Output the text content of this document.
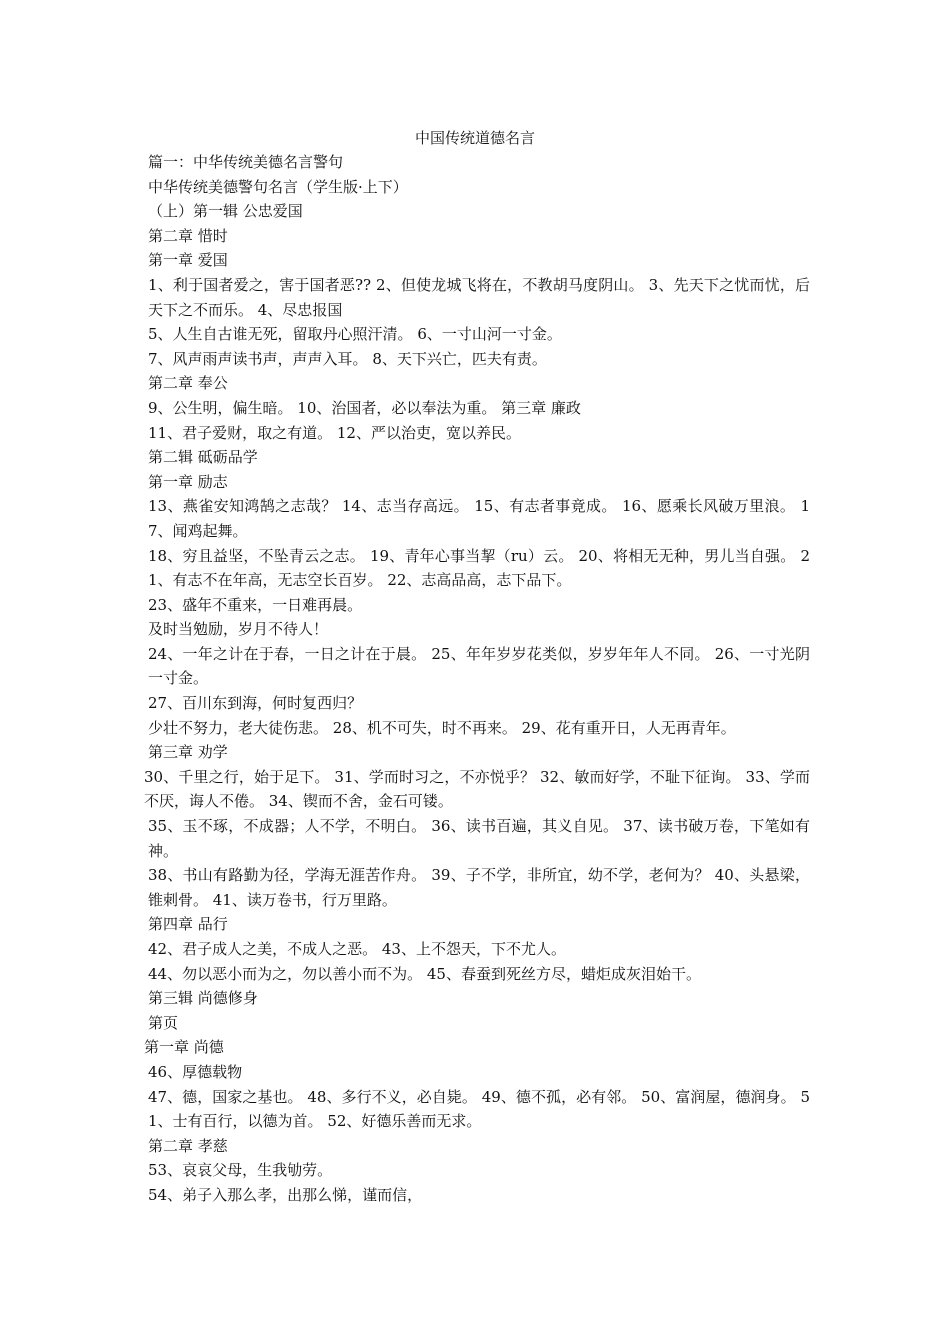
中国传统道德名言

篇一：中华传统美德名言警句

中华传统美德警句名言（学生版·上下）

（上）第一辑 公忠爱国

第二章 惜时

第一章 爱国

1、利于国者爱之，害于国者恶?? 2、但使龙城飞将在，不教胡马度阴山。 3、先天下之忧而忧，后天下之不而乐。 4、尽忠报国

5、人生自古谁无死，留取丹心照汗清。 6、一寸山河一寸金。

7、风声雨声读书声，声声入耳。 8、天下兴亡，匹夫有责。

第二章 奉公

9、公生明，偏生暗。 10、治国者，必以奉法为重。 第三章 廉政

11、君子爱财，取之有道。 12、严以治吏，宽以养民。

第二辑 砥砺品学

第一章 励志

13、燕雀安知鸿鹄之志哉？ 14、志当存高远。 15、有志者事竟成。 16、愿乘长风破万里浪。 17、闻鸡起舞。

18、穷且益坚，不坠青云之志。 19、青年心事当挈（ru）云。 20、将相无无种，男儿当自强。 21、有志不在年高，无志空长百岁。 22、志高品高，志下品下。

23、盛年不重来，一日难再晨。

及时当勉励，岁月不待人！

24、一年之计在于春，一日之计在于晨。 25、年年岁岁花类似，岁岁年年人不同。 26、一寸光阴一寸金。

27、百川东到海，何时复西归？

少壮不努力，老大徒伤悲。 28、机不可失，时不再来。 29、花有重开日，人无再青年。

第三章 劝学

30、千里之行，始于足下。 31、学而时习之，不亦悦乎？ 32、敏而好学，不耻下征询。 33、学而不厌，诲人不倦。 34、锲而不舍，金石可镂。

35、玉不琢，不成器；人不学，不明白。 36、读书百遍，其义自见。 37、读书破万卷，下笔如有神。

38、书山有路勤为径，学海无涯苦作舟。 39、子不学，非所宜，幼不学，老何为？ 40、头悬梁，锥刺骨。 41、读万卷书，行万里路。

第四章 品行

42、君子成人之美，不成人之恶。 43、上不怨天，下不尤人。

44、勿以恶小而为之，勿以善小而不为。 45、春蚕到死丝方尽，蜡炬成灰泪始干。

第三辑 尚德修身

第页

第一章 尚德

46、厚德载物

47、德，国家之基也。 48、多行不义，必自毙。 49、德不孤，必有邻。 50、富润屋，德润身。 51、士有百行，以德为首。 52、好德乐善而无求。

第二章 孝慈

53、哀哀父母，生我劬劳。

54、弟子入那么孝，出那么悌，谨而信，
